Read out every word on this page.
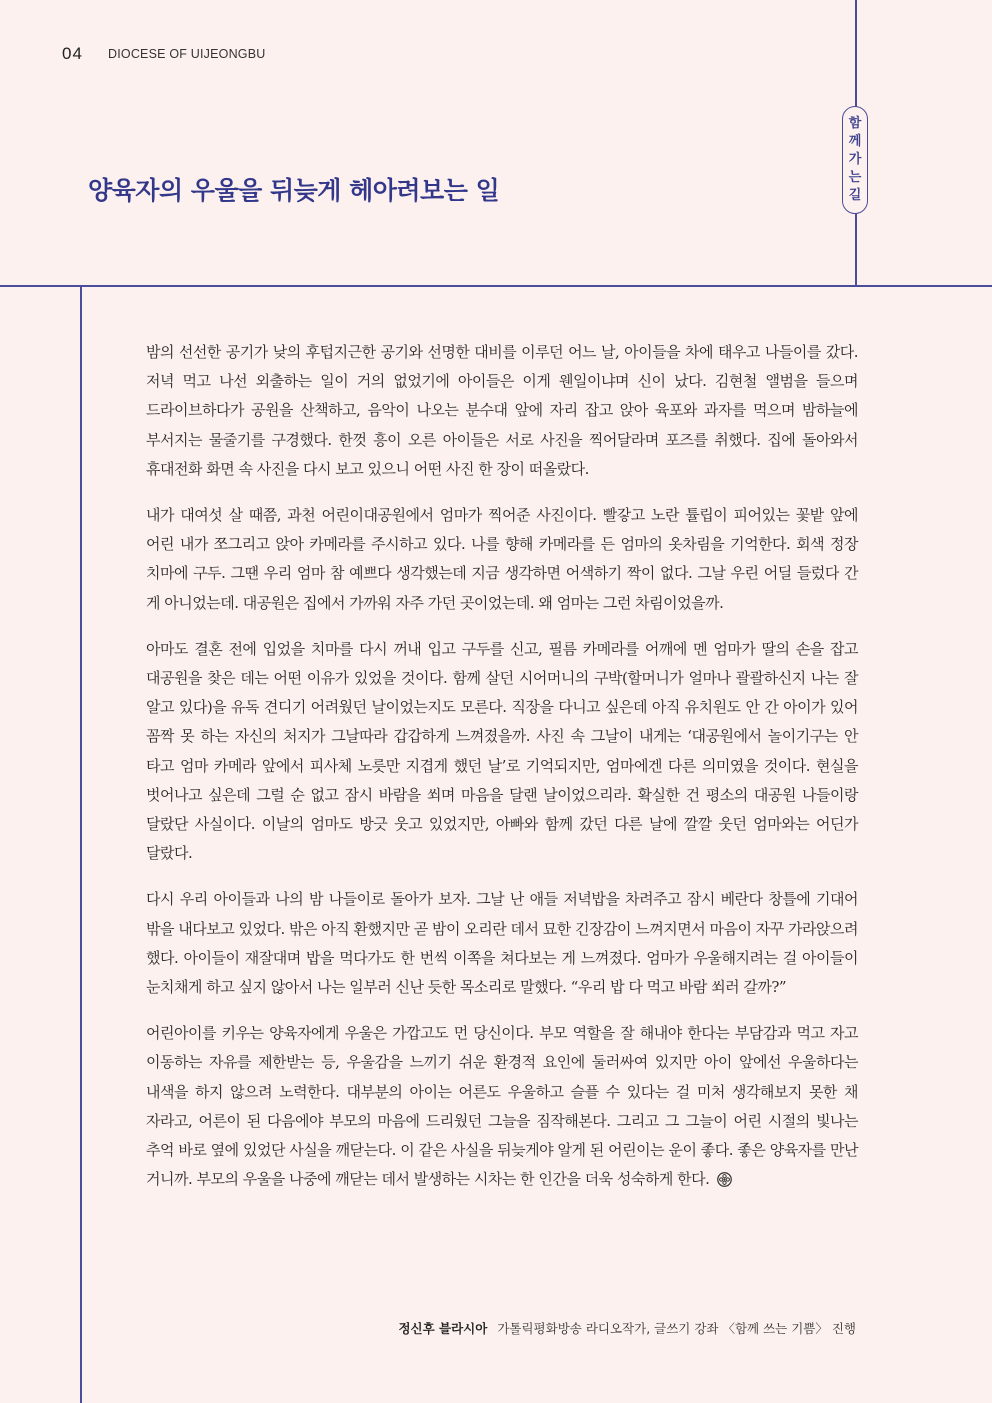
04 DIOCESE OF UIJEONGBU
함께가는길
양육자의 우울을 뒤늦게 헤아려보는 일

밤의 선선한 공기가 낮의 후텁지근한 공기와 선명한 대비를 이루던 어느 날, 아이들을 차에 태우고 나들이를 갔다. 저녁 먹고 나선 외출하는 일이 거의 없었기에 아이들은 이게 웬일이냐며 신이 났다. 김현철 앨범을 들으며 드라이브하다가 공원을 산책하고, 음악이 나오는 분수대 앞에 자리 잡고 앉아 육포와 과자를 먹으며 밤하늘에 부서지는 물줄기를 구경했다. 한껏 흥이 오른 아이들은 서로 사진을 찍어달라며 포즈를 취했다. 집에 돌아와서 휴대전화 화면 속 사진을 다시 보고 있으니 어떤 사진 한 장이 떠올랐다.

내가 대여섯 살 때쯤, 과천 어린이대공원에서 엄마가 찍어준 사진이다. 빨갛고 노란 튤립이 피어있는 꽃밭 앞에 어린 내가 쪼그리고 앉아 카메라를 주시하고 있다. 나를 향해 카메라를 든 엄마의 옷차림을 기억한다. 회색 정장 치마에 구두. 그땐 우리 엄마 참 예쁘다 생각했는데 지금 생각하면 어색하기 짝이 없다. 그날 우린 어딜 들렀다 간 게 아니었는데. 대공원은 집에서 가까워 자주 가던 곳이었는데. 왜 엄마는 그런 차림이었을까.

아마도 결혼 전에 입었을 치마를 다시 꺼내 입고 구두를 신고, 필름 카메라를 어깨에 멘 엄마가 딸의 손을 잡고 대공원을 찾은 데는 어떤 이유가 있었을 것이다. 함께 살던 시어머니의 구박(할머니가 얼마나 괄괄하신지 나는 잘 알고 있다)을 유독 견디기 어려웠던 날이었는지도 모른다. 직장을 다니고 싶은데 아직 유치원도 안 간 아이가 있어 꼼짝 못 하는 자신의 처지가 그날따라 갑갑하게 느껴졌을까. 사진 속 그날이 내게는 ‘대공원에서 놀이기구는 안 타고 엄마 카메라 앞에서 피사체 노릇만 지겹게 했던 날’로 기억되지만, 엄마에겐 다른 의미였을 것이다. 현실을 벗어나고 싶은데 그럴 순 없고 잠시 바람을 쐬며 마음을 달랜 날이었으리라. 확실한 건 평소의 대공원 나들이랑 달랐단 사실이다. 이날의 엄마도 방긋 웃고 있었지만, 아빠와 함께 갔던 다른 날에 깔깔 웃던 엄마와는 어딘가 달랐다.

다시 우리 아이들과 나의 밤 나들이로 돌아가 보자. 그날 난 애들 저녁밥을 차려주고 잠시 베란다 창틀에 기대어 밖을 내다보고 있었다. 밖은 아직 환했지만 곧 밤이 오리란 데서 묘한 긴장감이 느껴지면서 마음이 자꾸 가라앉으려 했다. 아이들이 재잘대며 밥을 먹다가도 한 번씩 이쪽을 쳐다보는 게 느껴졌다. 엄마가 우울해지려는 걸 아이들이 눈치채게 하고 싶지 않아서 나는 일부러 신난 듯한 목소리로 말했다. “우리 밥 다 먹고 바람 쐬러 갈까?”

어린아이를 키우는 양육자에게 우울은 가깝고도 먼 당신이다. 부모 역할을 잘 해내야 한다는 부담감과 먹고 자고 이동하는 자유를 제한받는 등, 우울감을 느끼기 쉬운 환경적 요인에 둘러싸여 있지만 아이 앞에선 우울하다는 내색을 하지 않으려 노력한다. 대부분의 아이는 어른도 우울하고 슬플 수 있다는 걸 미처 생각해보지 못한 채 자라고, 어른이 된 다음에야 부모의 마음에 드리웠던 그늘을 짐작해본다. 그리고 그 그늘이 어린 시절의 빛나는 추억 바로 옆에 있었단 사실을 깨닫는다. 이 같은 사실을 뒤늦게야 알게 된 어린이는 운이 좋다. 좋은 양육자를 만난 거니까. 부모의 우울을 나중에 깨닫는 데서 발생하는 시차는 한 인간을 더욱 성숙하게 한다.

정신후 블라시아 가톨릭평화방송 라디오작가, 글쓰기 강좌 〈함께 쓰는 기쁨〉 진행
